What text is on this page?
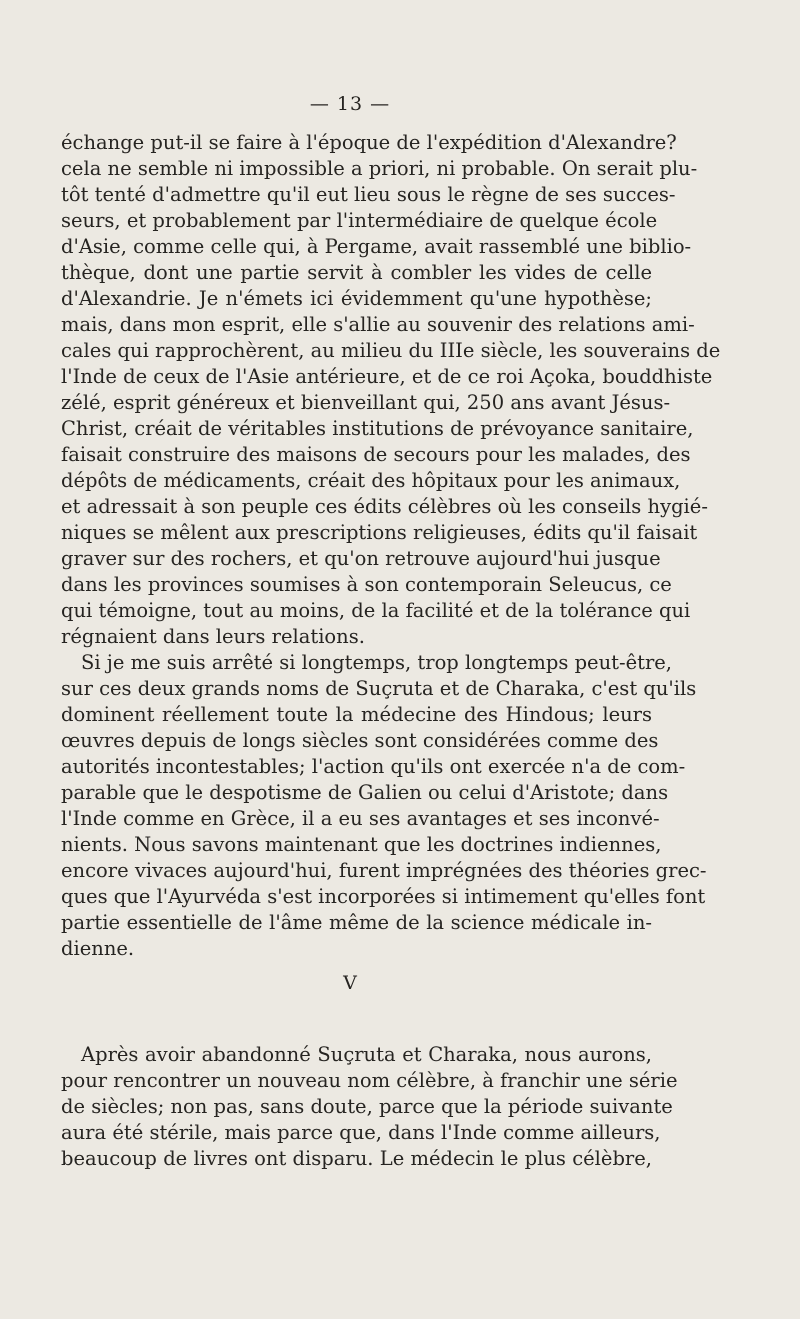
— 13 —
échange put-il se faire à l'époque de l'expédition d'Alexandre?
cela ne semble ni impossible a priori, ni probable. On serait plu-
tôt tenté d'admettre qu'il eut lieu sous le règne de ses succes-
seurs, et probablement par l'intermédiaire de quelque école
d'Asie, comme celle qui, à Pergame, avait rassemblé une biblio-
thèque, dont une partie servit à combler les vides de celle
d'Alexandrie. Je n'émets ici évidemment qu'une hypothèse;
mais, dans mon esprit, elle s'allie au souvenir des relations ami-
cales qui rapprochèrent, au milieu du IIIe siècle, les souverains de
l'Inde de ceux de l'Asie antérieure, et de ce roi Açoka, bouddhiste
zélé, esprit généreux et bienveillant qui, 250 ans avant Jésus-
Christ, créait de véritables institutions de prévoyance sanitaire,
faisait construire des maisons de secours pour les malades, des
dépôts de médicaments, créait des hôpitaux pour les animaux,
et adressait à son peuple ces édits célèbres où les conseils hygié-
niques se mêlent aux prescriptions religieuses, édits qu'il faisait
graver sur des rochers, et qu'on retrouve aujourd'hui jusque
dans les provinces soumises à son contemporain Seleucus, ce
qui témoigne, tout au moins, de la facilité et de la tolérance qui
régnaient dans leurs relations.
Si je me suis arrêté si longtemps, trop longtemps peut-être,
sur ces deux grands noms de Suçruta et de Charaka, c'est qu'ils
dominent réellement toute la médecine des Hindous; leurs
œuvres depuis de longs siècles sont considérées comme des
autorités incontestables; l'action qu'ils ont exercée n'a de com-
parable que le despotisme de Galien ou celui d'Aristote; dans
l'Inde comme en Grèce, il a eu ses avantages et ses inconvé-
nients. Nous savons maintenant que les doctrines indiennes,
encore vivaces aujourd'hui, furent imprégnées des théories grec-
ques que l'Ayurvéda s'est incorporées si intimement qu'elles font
partie essentielle de l'âme même de la science médicale in-
dienne.
V
Après avoir abandonné Suçruta et Charaka, nous aurons,
pour rencontrer un nouveau nom célèbre, à franchir une série
de siècles; non pas, sans doute, parce que la période suivante
aura été stérile, mais parce que, dans l'Inde comme ailleurs,
beaucoup de livres ont disparu. Le médecin le plus célèbre,
